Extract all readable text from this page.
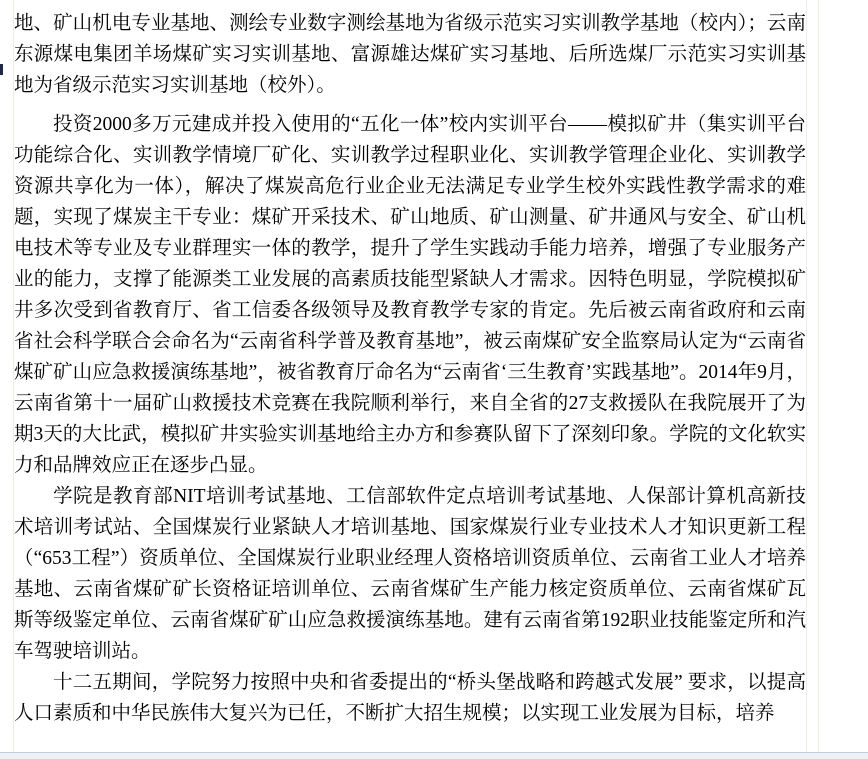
地、矿山机电专业基地、测绘专业数字测绘基地为省级示范实习实训教学基地（校内）；云南东源煤电集团羊场煤矿实习实训基地、富源雄达煤矿实习基地、后所选煤厂示范实习实训基地为省级示范实习实训基地（校外）。

投资2000多万元建成并投入使用的“五化一体”校内实训平台——模拟矿井（集实训平台功能综合化、实训教学情境厂矿化、实训教学过程职业化、实训教学管理企业化、实训教学资源共享化为一体），解决了煤炭高危行业企业无法满足专业学生校外实践性教学需求的难题，实现了煤炭主干专业：煤矿开采技术、矿山地质、矿山测量、矿井通风与安全、矿山机电技术等专业及专业群理实一体的教学，提升了学生实践动手能力培养，增强了专业服务产业的能力，支撑了能源类工业发展的高素质技能型紧缺人才需求。因特色明显，学院模拟矿井多次受到省教育厅、省工信委各级领导及教育教学专家的肯定。先后被云南省政府和云南省社会科学联合会命名为“云南省科学普及教育基地”，被云南煤矿安全监察局认定为“云南省煤矿矿山应急救援演练基地”，被省教育厅命名为“云南省‘三生教育’实践基地”。2014年9月，云南省第十一届矿山救援技术竞赛在我院顺利举行，来自全省的27支救援队在我院展开了为期3天的大比武，模拟矿井实验实训基地给主办方和参赛队留下了深刻印象。学院的文化软实力和品牌效应正在逐步凸显。

学院是教育部NIT培训考试基地、工信部软件定点培训考试基地、人保部计算机高新技术培训考试站、全国煤炭行业紧缺人才培训基地、国家煤炭行业专业技术人才知识更新工程（“653工程”）资质单位、全国煤炭行业职业经理人资格培训资质单位、云南省工业人才培养基地、云南省煤矿矿长资格证培训单位、云南省煤矿生产能力核定资质单位、云南省煤矿瓦斯等级鉴定单位、云南省煤矿矿山应急救援演练基地。建有云南省第192职业技能鉴定所和汽车驾驶培训站。

十二五期间，学院努力按照中央和省委提出的“桥头堡战略和跨越式发展” 要求，以提高人口素质和中华民族伟大复兴为已任，不断扩大招生规模；以实现工业发展为目标，培养
